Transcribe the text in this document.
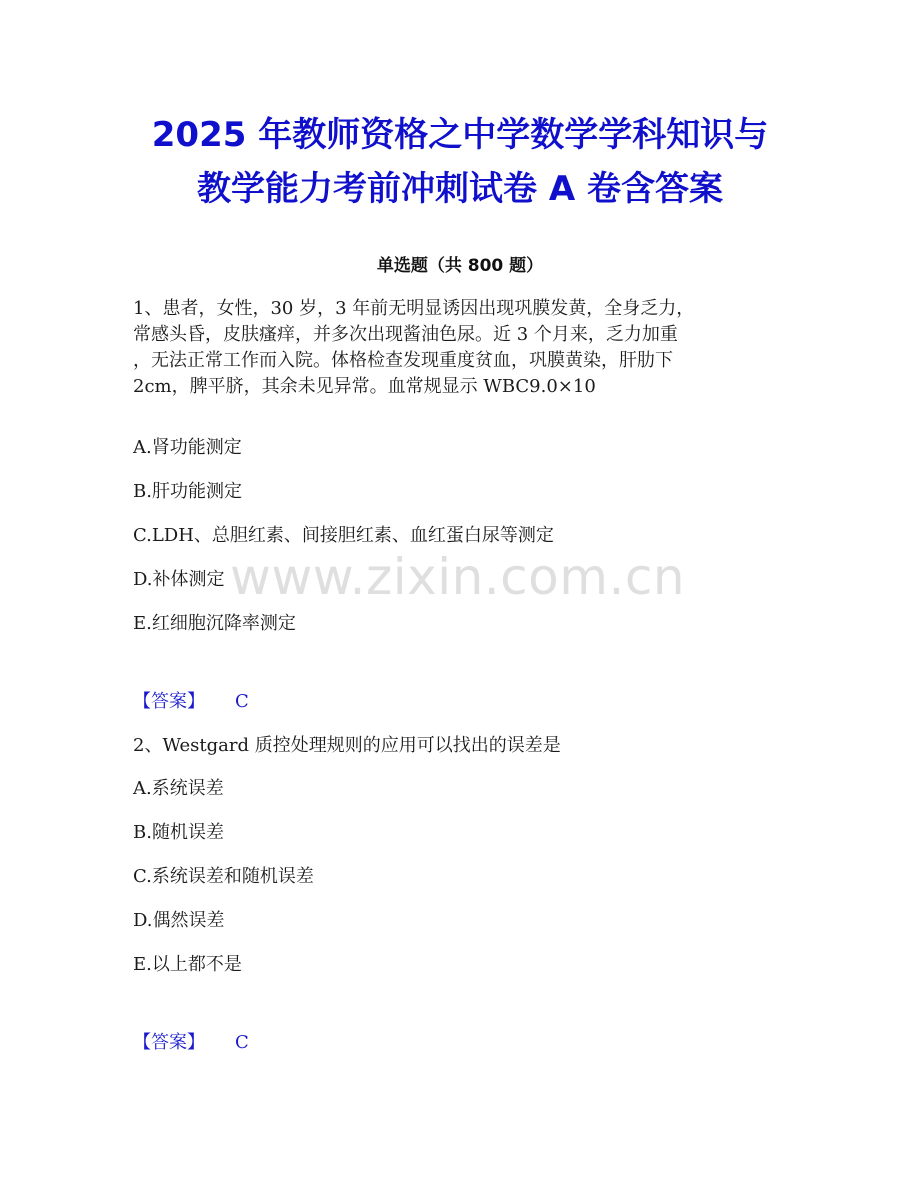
2025 年教师资格之中学数学学科知识与
教学能力考前冲刺试卷 A 卷含答案
单选题（共 800 题）
www.zixin.com.cn
1、患者，女性，30 岁，3 年前无明显诱因出现巩膜发黄，全身乏力，
常感头昏，皮肤瘙痒，并多次出现酱油色尿。近 3 个月来，乏力加重
，无法正常工作而入院。体格检查发现重度贫血，巩膜黄染，肝肋下
2cm，脾平脐，其余未见异常。血常规显示 WBC9.0×10
A.肾功能测定
B.肝功能测定
C.LDH、总胆红素、间接胆红素、血红蛋白尿等测定
D.补体测定
E.红细胞沉降率测定
【答案】 C
2、Westgard 质控处理规则的应用可以找出的误差是
A.系统误差
B.随机误差
C.系统误差和随机误差
D.偶然误差
E.以上都不是
【答案】 C
